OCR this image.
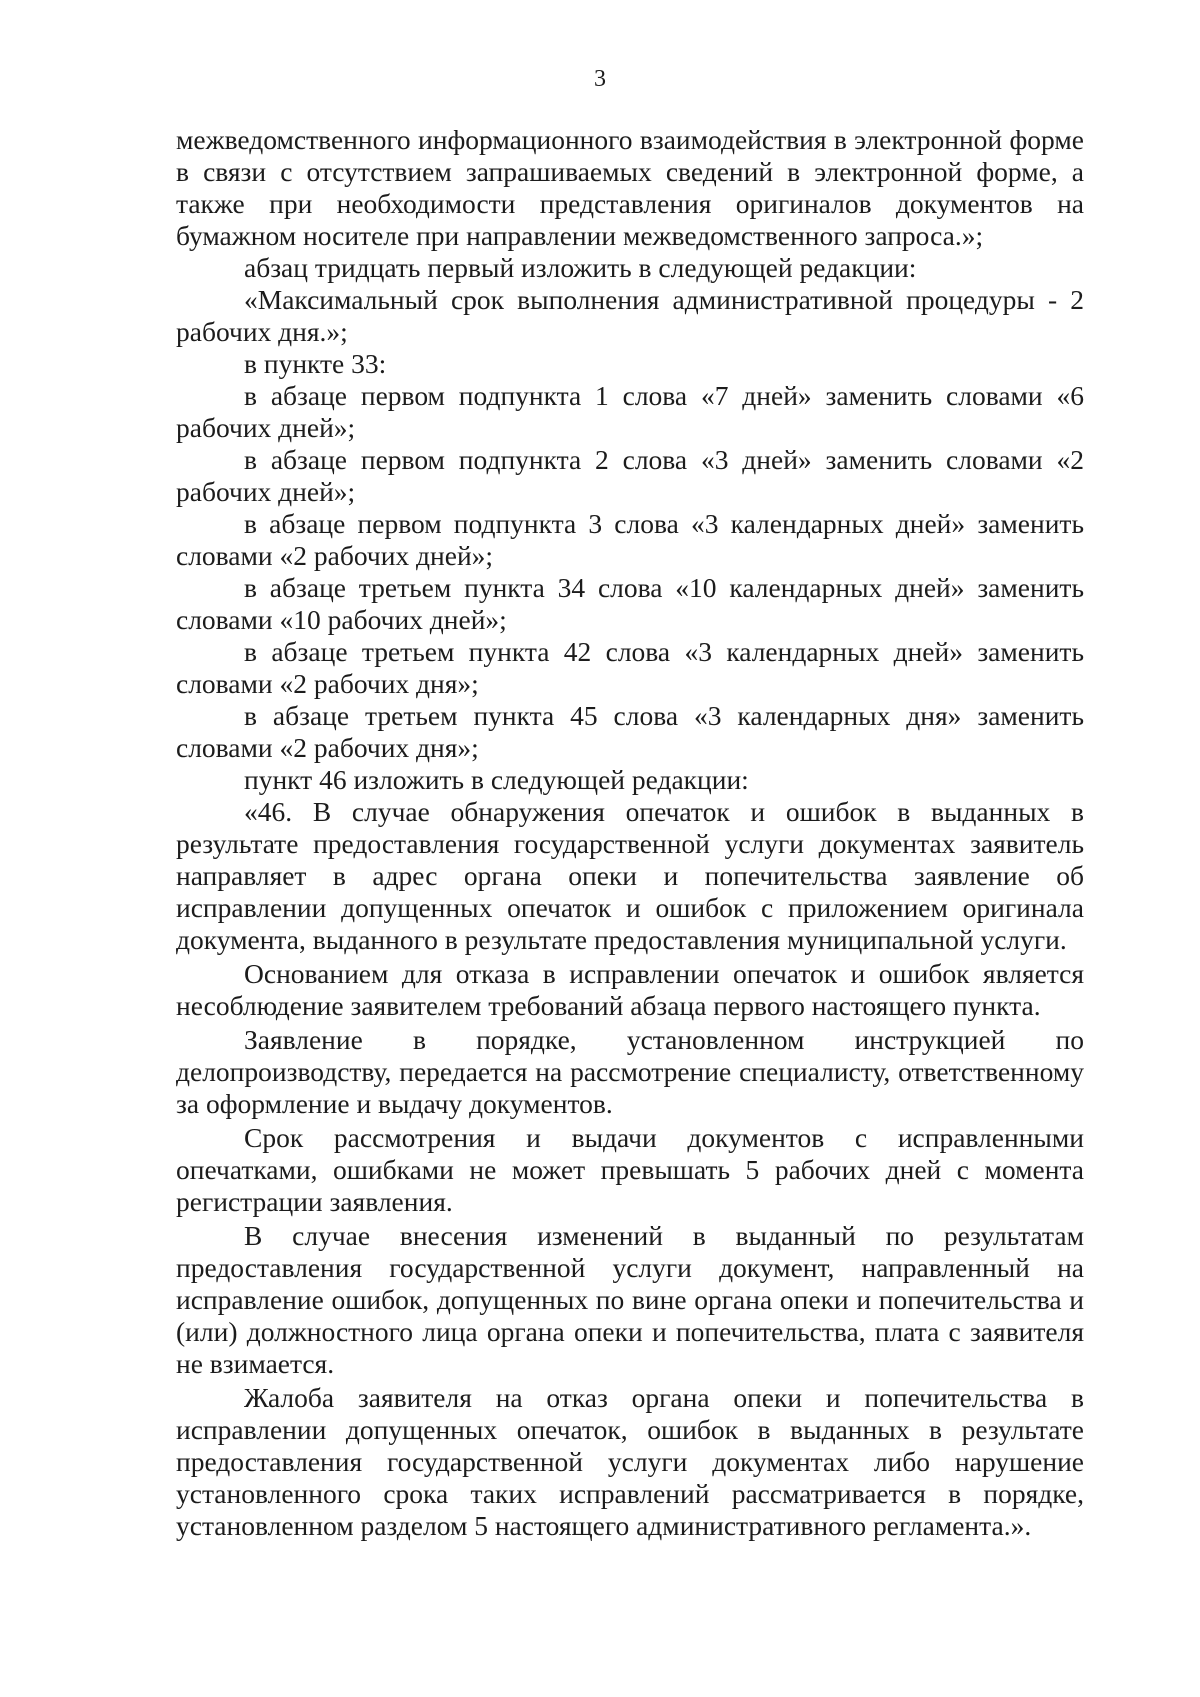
3

межведомственного информационного взаимодействия в электронной форме в связи с отсутствием запрашиваемых сведений в электронной форме, а также при необходимости представления оригиналов документов на бумажном носителе при направлении межведомственного запроса.»;

абзац тридцать первый изложить в следующей редакции:

«Максимальный срок выполнения административной процедуры - 2 рабочих дня.»;

в пункте 33:

в абзаце первом подпункта 1 слова «7 дней» заменить словами «6 рабочих дней»;

в абзаце первом подпункта 2 слова «3 дней» заменить словами «2 рабочих дней»;

в абзаце первом подпункта 3 слова «3 календарных дней» заменить словами «2 рабочих дней»;

в абзаце третьем пункта 34 слова «10 календарных дней» заменить словами «10 рабочих дней»;

в абзаце третьем пункта 42 слова «3 календарных дней» заменить словами «2 рабочих дня»;

в абзаце третьем пункта 45 слова «3 календарных дня» заменить словами «2 рабочих дня»;

пункт 46 изложить в следующей редакции:

«46. В случае обнаружения опечаток и ошибок в выданных в результате предоставления государственной услуги документах заявитель направляет в адрес органа опеки и попечительства заявление об исправлении допущенных опечаток и ошибок с приложением оригинала документа, выданного в результате предоставления муниципальной услуги.

Основанием для отказа в исправлении опечаток и ошибок является несоблюдение заявителем требований абзаца первого настоящего пункта.

Заявление в порядке, установленном инструкцией по делопроизводству, передается на рассмотрение специалисту, ответственному за оформление и выдачу документов.

Срок рассмотрения и выдачи документов с исправленными опечатками, ошибками не может превышать 5 рабочих дней с момента регистрации заявления.

В случае внесения изменений в выданный по результатам предоставления государственной услуги документ, направленный на исправление ошибок, допущенных по вине органа опеки и попечительства и (или) должностного лица органа опеки и попечительства, плата с заявителя не взимается.

Жалоба заявителя на отказ органа опеки и попечительства в исправлении допущенных опечаток, ошибок в выданных в результате предоставления государственной услуги документах либо нарушение установленного срока таких исправлений рассматривается в порядке, установленном разделом 5 настоящего административного регламента.».
